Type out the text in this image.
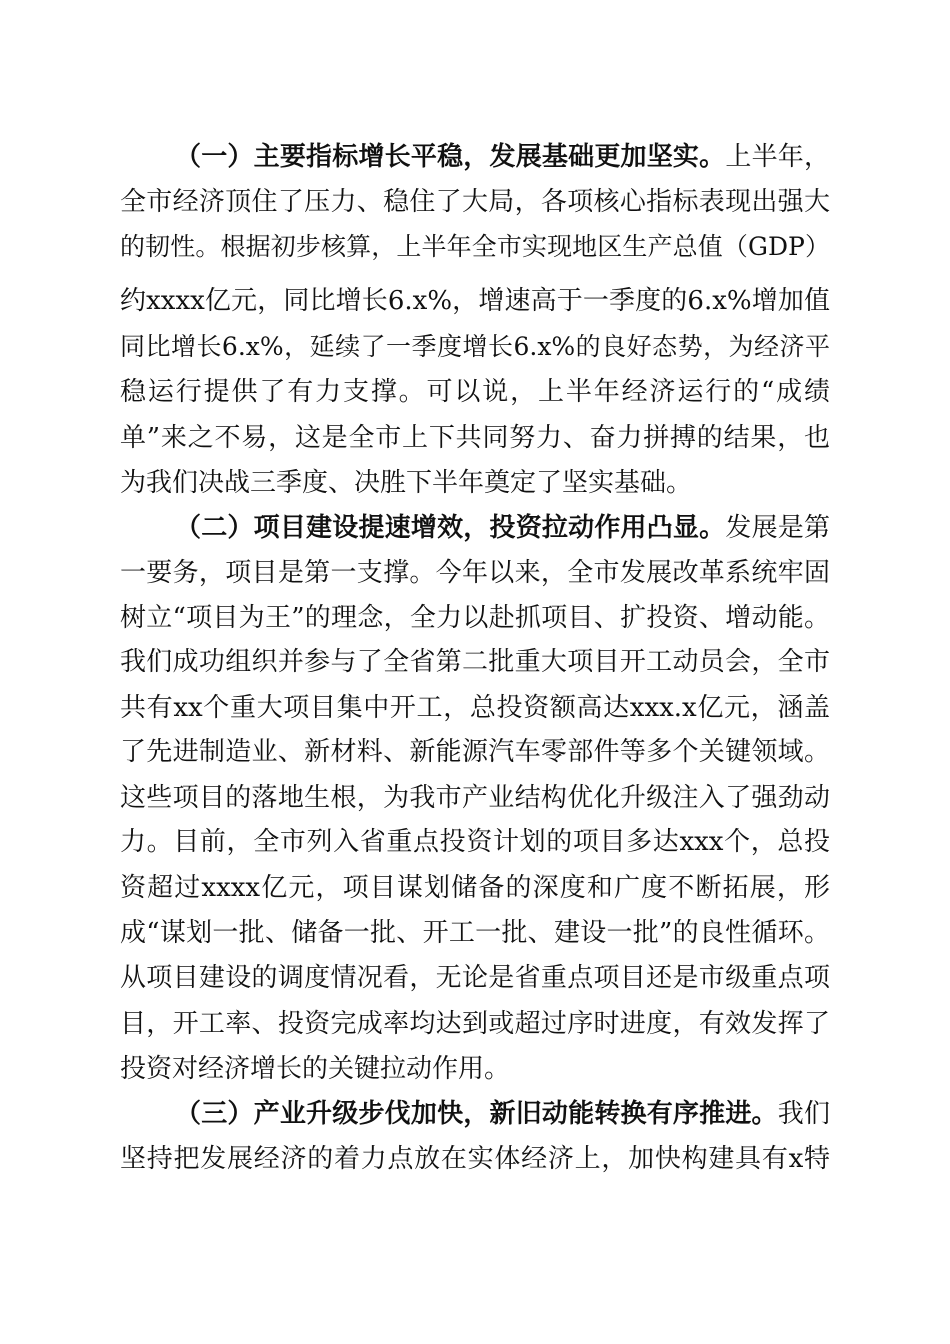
（一）主要指标增长平稳，发展基础更加坚实。上半年，
全市经济顶住了压力、稳住了大局，各项核心指标表现出强大
的韧性。根据初步核算，上半年全市实现地区生产总值（GDP）
约xxxx亿元，同比增长6.x%，增速高于一季度的6.x%增加值
同比增长6.x%，延续了一季度增长6.x%的良好态势，为经济平
稳运行提供了有力支撑。可以说，上半年经济运行的“成绩
单”来之不易，这是全市上下共同努力、奋力拼搏的结果，也
为我们决战三季度、决胜下半年奠定了坚实基础。
（二）项目建设提速增效，投资拉动作用凸显。发展是第
一要务，项目是第一支撑。今年以来，全市发展改革系统牢固
树立“项目为王”的理念，全力以赴抓项目、扩投资、增动能。
我们成功组织并参与了全省第二批重大项目开工动员会，全市
共有xx个重大项目集中开工，总投资额高达xxx.x亿元，涵盖
了先进制造业、新材料、新能源汽车零部件等多个关键领域。
这些项目的落地生根，为我市产业结构优化升级注入了强劲动
力。目前，全市列入省重点投资计划的项目多达xxx个，总投
资超过xxxx亿元，项目谋划储备的深度和广度不断拓展，形
成“谋划一批、储备一批、开工一批、建设一批”的良性循环。
从项目建设的调度情况看，无论是省重点项目还是市级重点项
目，开工率、投资完成率均达到或超过序时进度，有效发挥了
投资对经济增长的关键拉动作用。
（三）产业升级步伐加快，新旧动能转换有序推进。我们
坚持把发展经济的着力点放在实体经济上，加快构建具有x特
